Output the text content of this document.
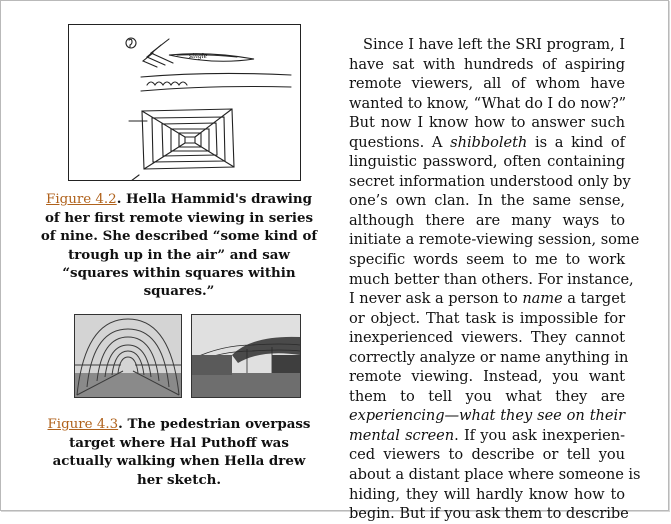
single
Figure 4.2. Hella Hammid's drawing
of her first remote viewing in series
of nine. She described “some kind of
trough up in the air” and saw
“squares within squares within
squares.”
Figure 4.3. The pedestrian overpass
target where Hal Puthoff was
actually walking when Hella drew
her sketch.
Since I have left the SRI program, I
have sat with hundreds of aspiring
remote viewers, all of whom have
wanted to know, “What do I do now?”
But now I know how to answer such
questions. A shibboleth is a kind of
linguistic password, often containing
secret information understood only by
one’s own clan. In the same sense,
although there are many ways to
initiate a remote-viewing session, some
specific words seem to me to work
much better than others. For instance,
I never ask a person to name a target
or object. That task is impossible for
inexperienced viewers. They cannot
correctly analyze or name anything in
remote viewing. Instead, you want
them to tell you what they are
experiencing—what they see on their
mental screen. If you ask inexperien-
ced viewers to describe or tell you
about a distant place where someone is
hiding, they will hardly know how to
begin. But if you ask them to describe
